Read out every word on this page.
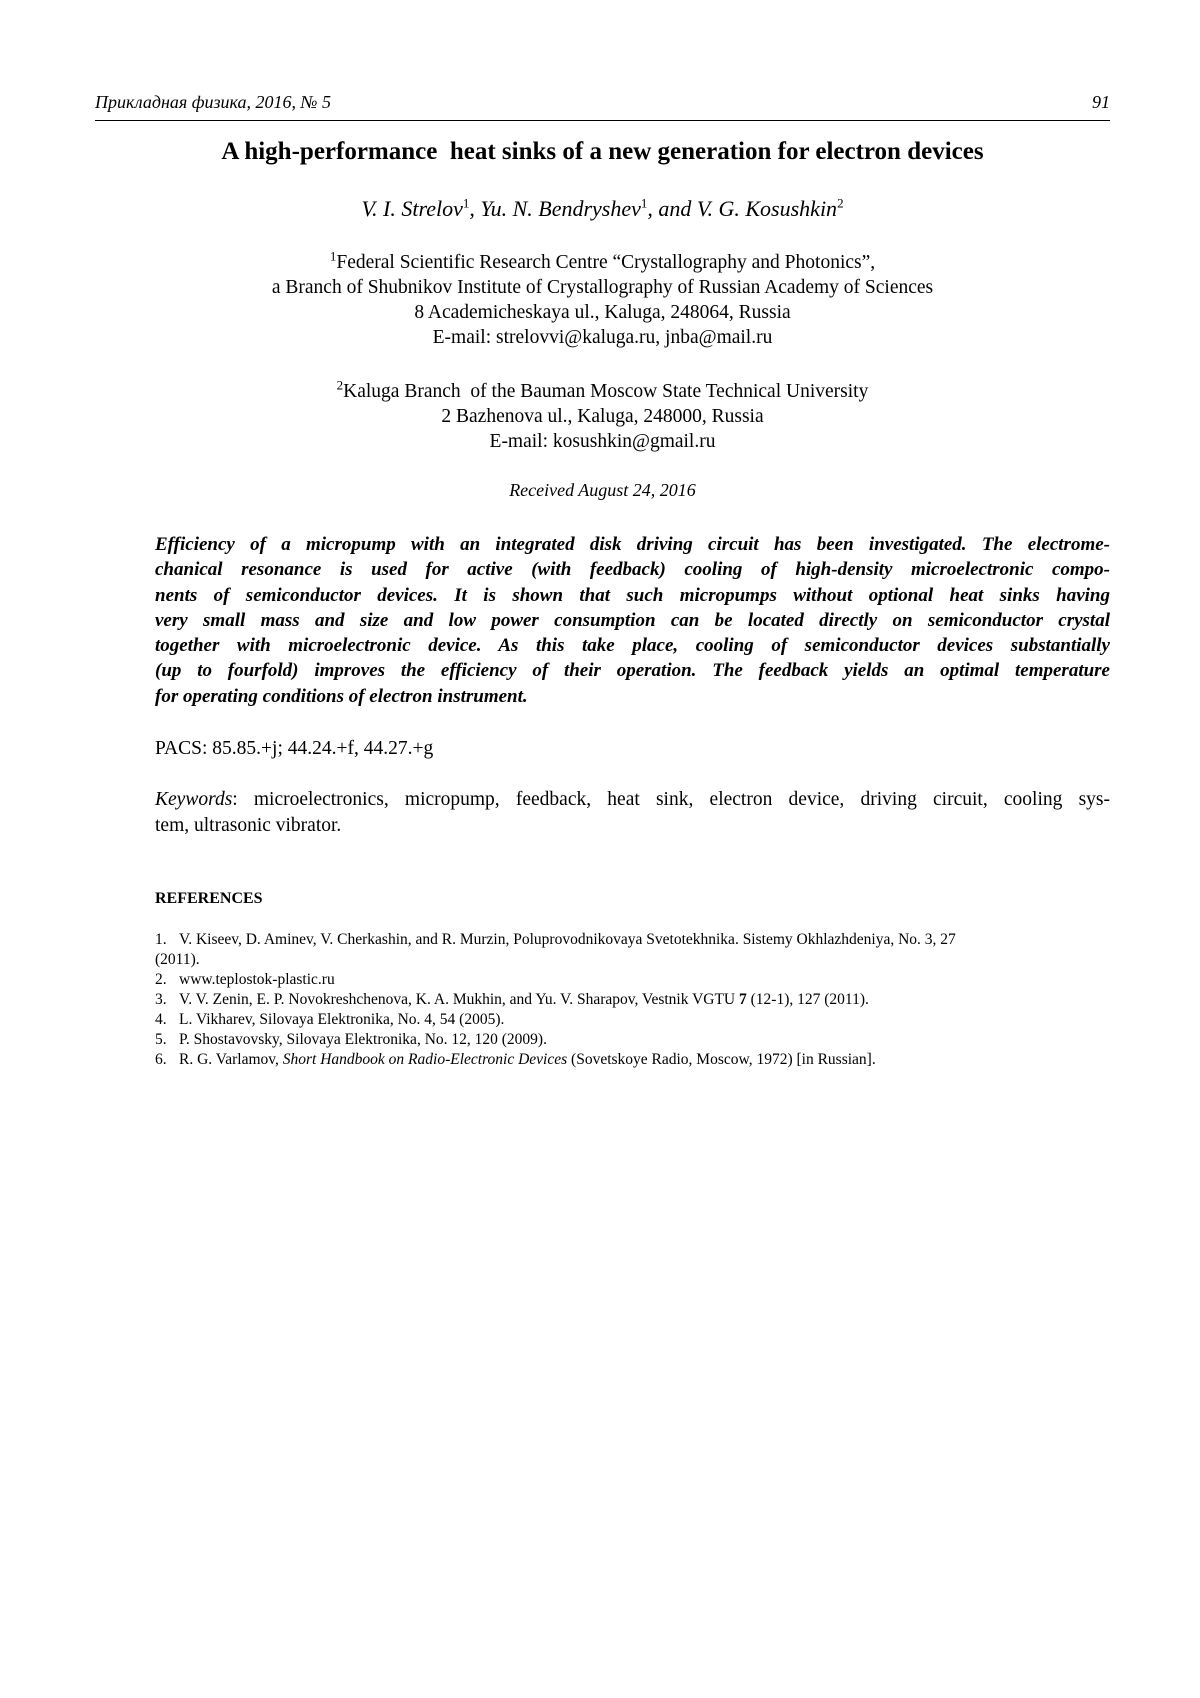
Прикладная физика, 2016, № 5	91
A high-performance  heat sinks of a new generation for electron devices
V. I. Strelov$^1$, Yu. N. Bendryshev$^1$, and V. G. Kosushkin$^2$
$^1$Federal Scientific Research Centre “Crystallography and Photonics”,
a Branch of Shubnikov Institute of Crystallography of Russian Academy of Sciences
8 Academicheskaya ul., Kaluga, 248064, Russia
E-mail: strelovvi@kaluga.ru, jnba@mail.ru
$^2$Kaluga Branch  of the Bauman Moscow State Technical University
2 Bazhenova ul., Kaluga, 248000, Russia
E-mail: kosushkin@gmail.ru
Received August 24, 2016
Efficiency of a micropump with an integrated disk driving circuit has been investigated. The electrome-
chanical resonance is used for active (with feedback) cooling of high-density microelectronic compo-
nents of semiconductor devices. It is shown that such micropumps without optional heat sinks having
very small mass and size and low power consumption can be located directly on semiconductor crystal
together with microelectronic device. As this take place, cooling of semiconductor devices substantially
(up to fourfold) improves the efficiency of their operation. The feedback yields an optimal temperature
for operating conditions of electron instrument.
PACS: 85.85.+j; 44.24.+f, 44.27.+g
Keywords: microelectronics, micropump, feedback, heat sink, electron device, driving circuit, cooling sys-
tem, ultrasonic vibrator.
REFERENCES
1. V. Kiseev, D. Aminev, V. Cherkashin, and R. Murzin, Poluprovodnikovaya Svetotekhnika. Sistemy Okhlazhdeniya, No. 3, 27
(2011).
2. www.teplostok-plastic.ru
3. V. V. Zenin, E. P. Novokreshchenova, K. A. Mukhin, and Yu. V. Sharapov, Vestnik VGTU 7 (12-1), 127 (2011).
4. L. Vikharev, Silovaya Elektronika, No. 4, 54 (2005).
5. P. Shostavovsky, Silovaya Elektronika, No. 12, 120 (2009).
6. R. G. Varlamov, Short Handbook on Radio-Electronic Devices (Sovetskoye Radio, Moscow, 1972) [in Russian].
